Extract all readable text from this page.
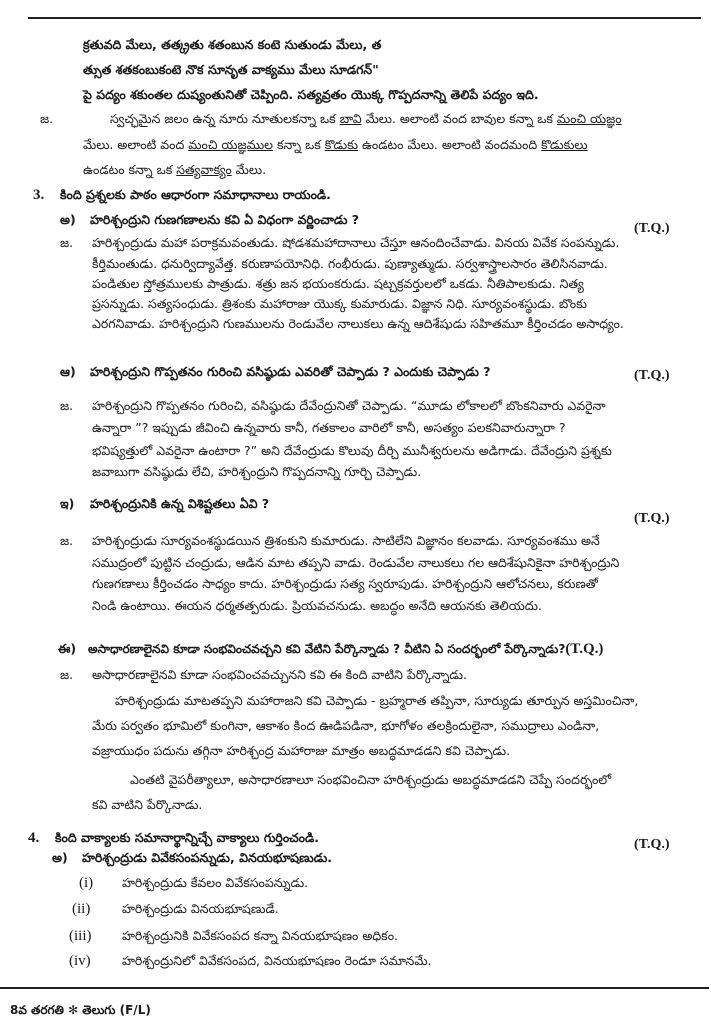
క్రతువది మేలు, తత్క్రతు శతంబున కంటె సుతుండు మేలు, త
త్సుత శతకంబుకంటె నొక సూనృత వాక్యము మేలు సూడగన్"
పై పద్యం శకుంతల దుష్యంతునితో చెప్పింది. సత్యవ్రతం యొక్క గొప్పదనాన్ని తెలిపే పద్యం ఇది.
జ.	స్వచ్ఛమైన జలం ఉన్న నూరు నూతులకన్నా ఒక బావి మేలు. అలాంటి వంద బావుల కన్నా ఒక మంచి యజ్ఞం
మేలు. అలాంటి వంద మంచి యజ్ఞముల కన్నా ఒక కొడుకు ఉండటం మేలు. అలాంటి వందమంది కొడుకులు
ఉండటం కన్నా ఒక సత్యవాక్యం మేలు.
3. కింది ప్రశ్నలకు పాఠం ఆధారంగా సమాధానాలు రాయండి.
అ) హరిశ్చంద్రుని గుణగణాలను కవి ఏ విధంగా వర్ణించాడు ?
(T.Q.)
జ. హరిశ్చంద్రుడు మహా పరాక్రమవంతుడు. షోడశమహాదానాలు చేస్తూ ఆనందించేవాడు. వినయ వివేక సంపన్నుడు.
కీర్తిమంతుడు. ధనుర్విద్యావేత్త. కరుణాపయోనిధి. గంభీరుడు. పుణ్యాత్ముడు. సర్వశాస్త్రాలసారం తెలిసినవాడు.
పండితుల స్తోత్రములకు పాత్రుడు. శత్రు జన భయంకరుడు. షట్చక్రవర్తులలో ఒకడు. నీతిపాలకుడు. నిత్య
ప్రసన్నుడు. సత్యసంధుడు. త్రిశంకు మహారాజు యొక్క కుమారుడు. విజ్ఞాన నిధి. సూర్యవంశస్థుడు. బొంకు
ఎరగనివాడు. హరిశ్చంద్రుని గుణములను రెండువేల నాలుకలు ఉన్న ఆదిశేషుడు సహితమూ కీర్తించడం అసాధ్యం.
ఆ) హరిశ్చంద్రుని గొప్పతనం గురించి వసిష్ఠుడు ఎవరితో చెప్పాడు ? ఎందుకు చెప్పాడు ?	(T.Q.)
జ. హరిశ్చంద్రుని గొప్పతనం గురించి, వసిష్ఠుడు దేవేంద్రునితో చెప్పాడు. “మూడు లోకాలలో బొంకనివారు ఎవరైనా
ఉన్నారా ”? ఇప్పుడు జీవించి ఉన్నవారు కానీ, గతకాలం వారిలో కానీ, అసత్యం పలకనివారున్నారా ?
భవిష్యత్తులో ఎవరైనా ఉంటారా ?” అని దేవేంద్రుడు కొలువు దీర్చి మునీశ్వరులను అడిగాడు. దేవేంద్రుని ప్రశ్నకు
జవాబుగా వసిష్ఠుడు లేచి, హరిశ్చంద్రుని గొప్పదనాన్ని గూర్చి చెప్పాడు.
ఇ) హరిశ్చంద్రునికి ఉన్న విశిష్టతలు ఏవి ?
(T.Q.)
జ. హరిశ్చంద్రుడు సూర్యవంశస్థుడయిన త్రిశంకుని కుమారుడు. సాటిలేని విజ్ఞానం కలవాడు. సూర్యవంశము అనే
సముద్రంలో పుట్టిన చంద్రుడు, ఆడిన మాట తప్పని వాడు. రెండువేల నాలుకలు గల ఆదిశేషునికైనా హరిశ్చంద్రుని
గుణగణాలు కీర్తించడం సాధ్యం కాదు. హరిశ్చంద్రుడు సత్య స్వరూపుడు. హరిశ్చంద్రుని ఆలోచనలు, కరుణతో
నిండి ఉంటాయి. ఈయన ధర్మతత్పరుడు. ప్రియవచనుడు. అబద్ధం అనేది ఆయనకు తెలియదు.
ఈ) అసాధారణాలైనవి కూడా సంభవించవచ్చని కవి వేటిని పేర్కొన్నాడు ? వీటిని ఏ సందర్భంలో పేర్కొన్నాడు?(T.Q.)
జ. అసాధారణాలైనవి కూడా సంభవించవచ్చునని కవి ఈ కింది వాటిని పేర్కొన్నాడు.
హరిశ్చంద్రుడు మాటతప్పని మహారాజని కవి చెప్పాడు - బ్రహ్మరాత తప్పినా, సూర్యుడు తూర్పున అస్తమించినా,
మేరు పర్వతం భూమిలో కుంగినా, ఆకాశం కింద ఊడిపడినా, భూగోళం తలక్రిందులైనా, సముద్రాలు ఎండినా,
వజ్రాయుధం పదును తగ్గినా హరిశ్చంద్ర మహారాజు మాత్రం అబద్ధమాడడని కవి చెప్పాడు.
ఎంతటి వైపరీత్యాలూ, అసాధారణాలూ సంభవించినా హరిశ్చంద్రుడు అబద్ధమాడడని చెప్పే సందర్భంలో
కవి వాటిని పేర్కొనాడు.
4. కింది వాక్యాలకు సమానార్థాన్నిచ్చే వాక్యాలు గుర్తించండి.	(T.Q.)
అ) హరిశ్చంద్రుడు వివేకసంపన్నుడు, వినయభూషణుడు.
(i) హరిశ్చంద్రుడు కేవలం వివేకసంపన్నుడు.
(ii)	హరిశ్చంద్రుడు వినయభూషణుడే.
(iii) హరిశ్చంద్రునికి వివేకసంపద కన్నా వినయభూషణం అధికం.
(iv)	హరిశ్చంద్రునిలో వివేకసంపద, వినయభూషణం రెండూ సమానమే.
8వ తరగతి ✻ తెలుగు (F/L)
